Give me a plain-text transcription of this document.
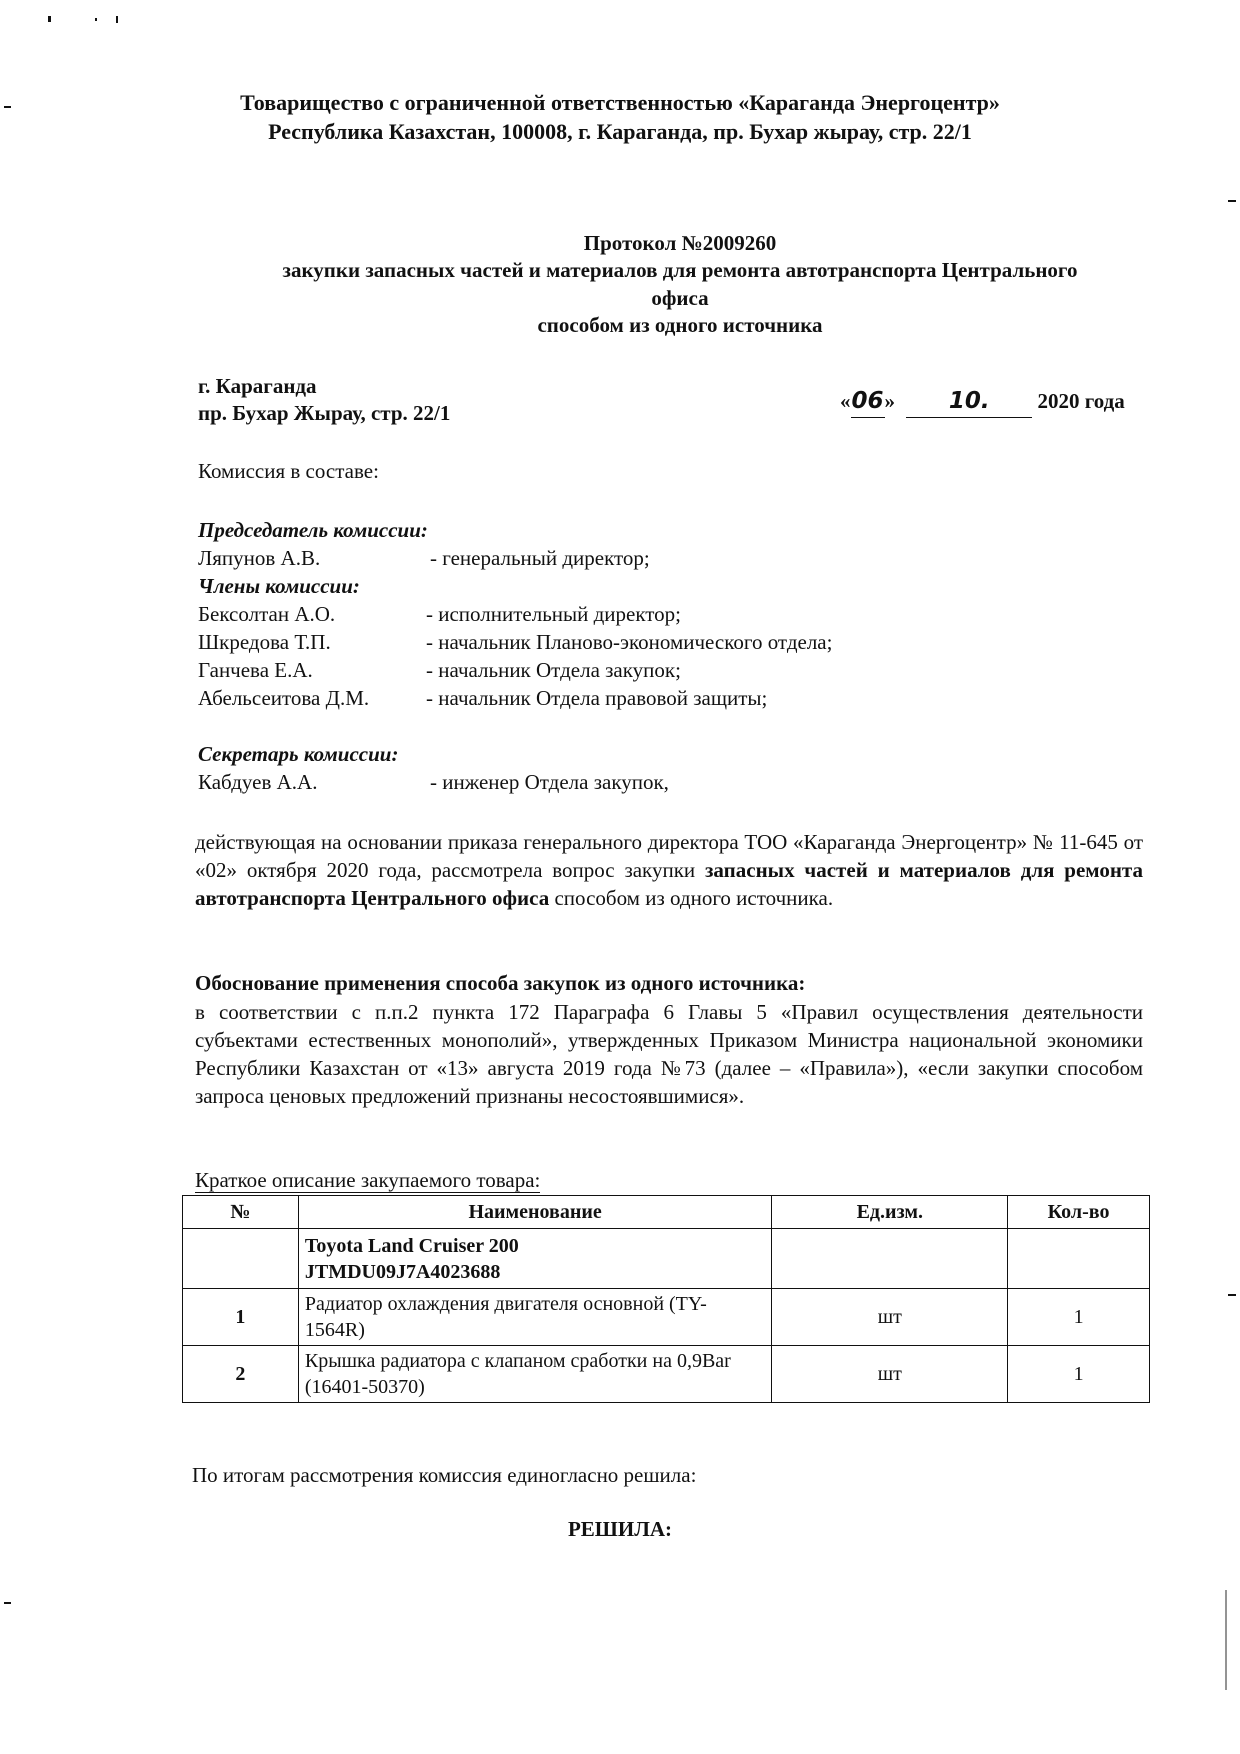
Товарищество с ограниченной ответственностью «Караганда Энергоцентр»
Республика Казахстан, 100008, г. Караганда, пр. Бухар жырау, стр. 22/1
Протокол №2009260
закупки запасных частей и материалов для ремонта автотранспорта Центрального
офиса
способом из одного источника
г. Караганда
пр. Бухар Жырау, стр. 22/1
«06» 10. 2020 года
Комиссия в составе:
Председатель комиссии:
Ляпунов А.В.	- генеральный директор;
Члены комиссии:
Бексолтан А.О.	- исполнительный директор;
Шкредова Т.П.	- начальник Планово-экономического отдела;
Ганчева Е.А.	- начальник Отдела закупок;
Абельсеитова Д.М.	- начальник Отдела правовой защиты;
Секретарь комиссии:
Кабдуев А.А.	- инженер Отдела закупок,
действующая на основании приказа генерального директора ТОО «Караганда Энергоцентр» № 11-645 от «02» октября 2020 года, рассмотрела вопрос закупки запасных частей и материалов для ремонта автотранспорта Центрального офиса способом из одного источника.
Обоснование применения способа закупок из одного источника:
в соответствии с п.п.2 пункта 172 Параграфа 6 Главы 5 «Правил осуществления деятельности субъектами естественных монополий», утвержденных Приказом Министра национальной экономики Республики Казахстан от «13» августа 2019 года №73 (далее – «Правила»), «если закупки способом запроса ценовых предложений признаны несостоявшимися».
Краткое описание закупаемого товара:
№	Наименование	Ед.изм.	Кол-во

	Toyota Land Cruiser 200
JTMDU09J7A4023688		

1	Радиатор охлаждения двигателя основной (TY-1564R)	шт	1
2	Крышка радиатора с клапаном сработки на 0,9Bar (16401-50370)	шт	1
По итогам рассмотрения комиссия единогласно решила:
РЕШИЛА:
